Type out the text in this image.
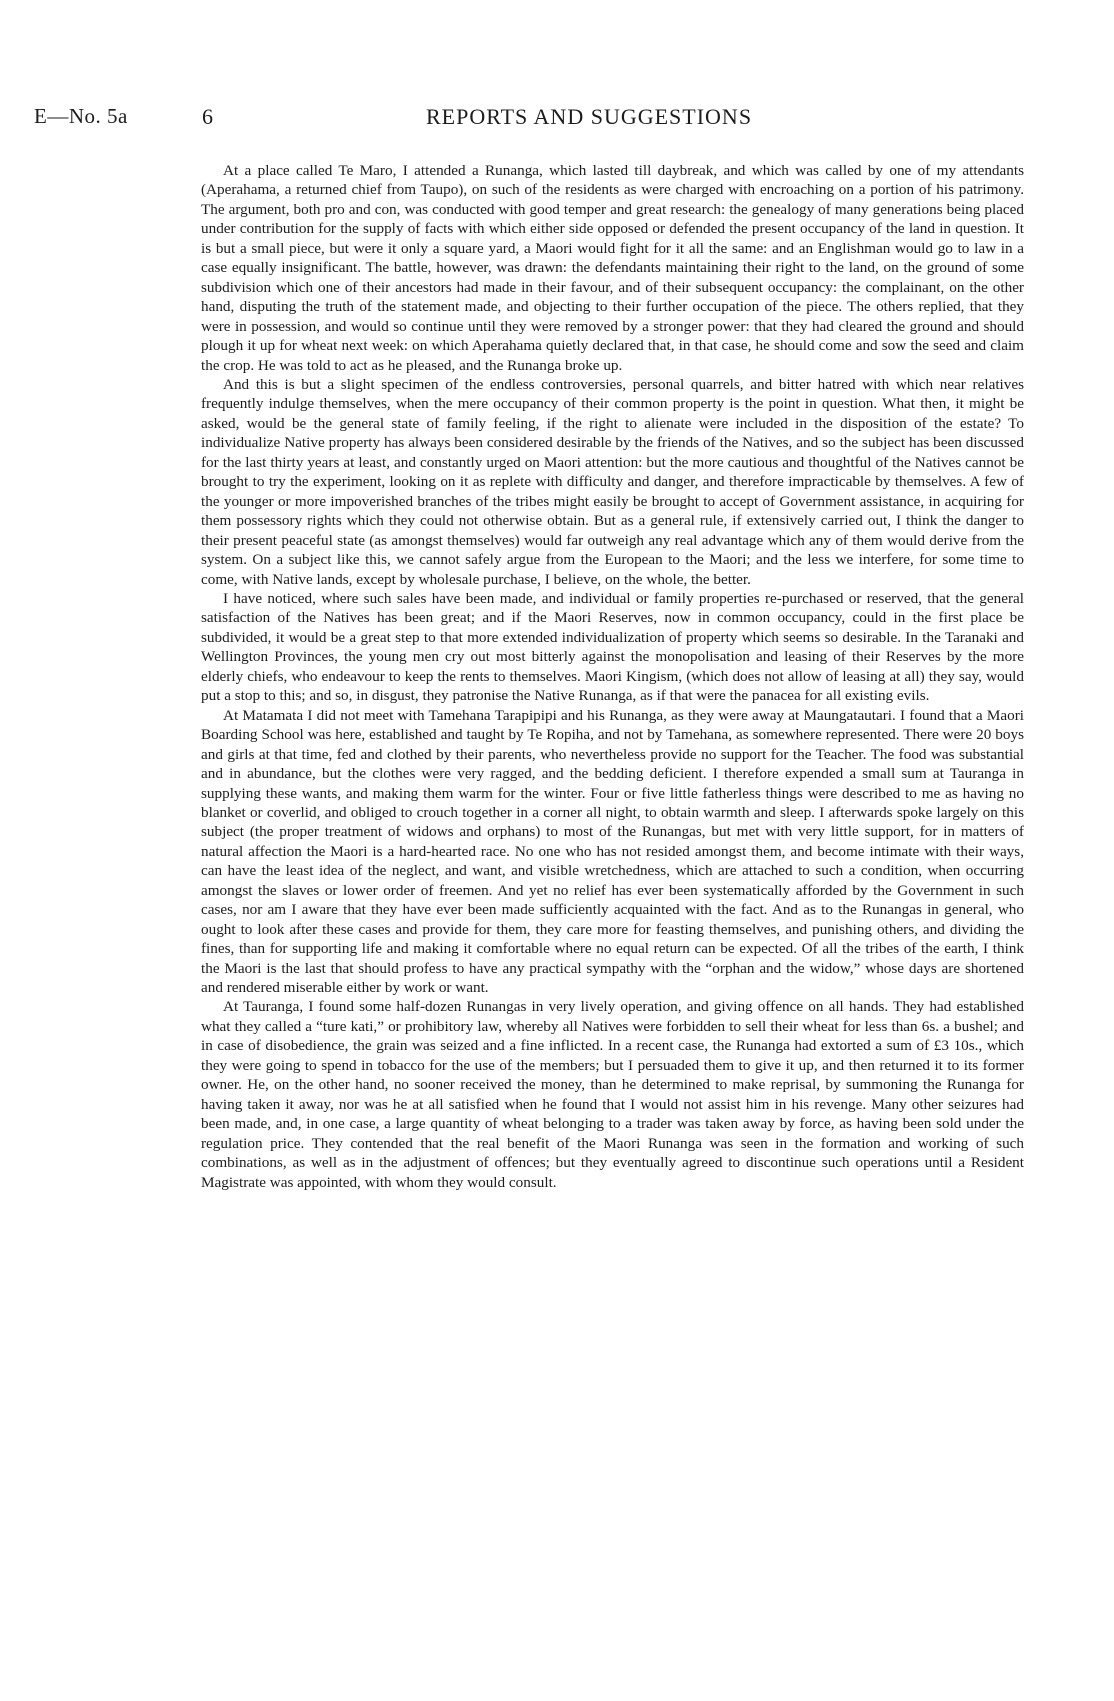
E—No. 5a	6	REPORTS AND SUGGESTIONS

At a place called Te Maro, I attended a Runanga, which lasted till daybreak, and which was called by one of my attendants (Aperahama, a returned chief from Taupo), on such of the residents as were charged with encroaching on a portion of his patrimony. The argument, both pro and con, was conducted with good temper and great research: the genealogy of many generations being placed under contribution for the supply of facts with which either side opposed or defended the present occupancy of the land in question. It is but a small piece, but were it only a square yard, a Maori would fight for it all the same: and an Englishman would go to law in a case equally insignificant. The battle, however, was drawn: the defendants maintaining their right to the land, on the ground of some subdivision which one of their ancestors had made in their favour, and of their subsequent occupancy: the complainant, on the other hand, disputing the truth of the statement made, and objecting to their further occupation of the piece. The others replied, that they were in possession, and would so continue until they were removed by a stronger power: that they had cleared the ground and should plough it up for wheat next week: on which Aperahama quietly declared that, in that case, he should come and sow the seed and claim the crop. He was told to act as he pleased, and the Runanga broke up.

And this is but a slight specimen of the endless controversies, personal quarrels, and bitter hatred with which near relatives frequently indulge themselves, when the mere occupancy of their common property is the point in question. What then, it might be asked, would be the general state of family feeling, if the right to alienate were included in the disposition of the estate? To individualize Native property has always been considered desirable by the friends of the Natives, and so the subject has been discussed for the last thirty years at least, and constantly urged on Maori attention: but the more cautious and thoughtful of the Natives cannot be brought to try the experiment, looking on it as replete with difficulty and danger, and therefore impracticable by themselves. A few of the younger or more impoverished branches of the tribes might easily be brought to accept of Government assistance, in acquiring for them possessory rights which they could not otherwise obtain. But as a general rule, if extensively carried out, I think the danger to their present peaceful state (as amongst themselves) would far outweigh any real advantage which any of them would derive from the system. On a subject like this, we cannot safely argue from the European to the Maori; and the less we interfere, for some time to come, with Native lands, except by wholesale purchase, I believe, on the whole, the better.

I have noticed, where such sales have been made, and individual or family properties re-purchased or reserved, that the general satisfaction of the Natives has been great; and if the Maori Reserves, now in common occupancy, could in the first place be subdivided, it would be a great step to that more extended individualization of property which seems so desirable. In the Taranaki and Wellington Provinces, the young men cry out most bitterly against the monopolisation and leasing of their Reserves by the more elderly chiefs, who endeavour to keep the rents to themselves. Maori Kingism, (which does not allow of leasing at all) they say, would put a stop to this; and so, in disgust, they patronise the Native Runanga, as if that were the panacea for all existing evils.

At Matamata I did not meet with Tamehana Tarapipipi and his Runanga, as they were away at Maungatautari. I found that a Maori Boarding School was here, established and taught by Te Ropiha, and not by Tamehana, as somewhere represented. There were 20 boys and girls at that time, fed and clothed by their parents, who nevertheless provide no support for the Teacher. The food was substantial and in abundance, but the clothes were very ragged, and the bedding deficient. I therefore expended a small sum at Tauranga in supplying these wants, and making them warm for the winter. Four or five little fatherless things were described to me as having no blanket or coverlid, and obliged to crouch together in a corner all night, to obtain warmth and sleep. I afterwards spoke largely on this subject (the proper treatment of widows and orphans) to most of the Runangas, but met with very little support, for in matters of natural affection the Maori is a hard-hearted race. No one who has not resided amongst them, and become intimate with their ways, can have the least idea of the neglect, and want, and visible wretchedness, which are attached to such a condition, when occurring amongst the slaves or lower order of freemen. And yet no relief has ever been systematically afforded by the Government in such cases, nor am I aware that they have ever been made sufficiently acquainted with the fact. And as to the Runangas in general, who ought to look after these cases and provide for them, they care more for feasting themselves, and punishing others, and dividing the fines, than for supporting life and making it comfortable where no equal return can be expected. Of all the tribes of the earth, I think the Maori is the last that should profess to have any practical sympathy with the “orphan and the widow,” whose days are shortened and rendered miserable either by work or want.

At Tauranga, I found some half-dozen Runangas in very lively operation, and giving offence on all hands. They had established what they called a “ture kati,” or prohibitory law, whereby all Natives were forbidden to sell their wheat for less than 6s. a bushel; and in case of disobedience, the grain was seized and a fine inflicted. In a recent case, the Runanga had extorted a sum of £3 10s., which they were going to spend in tobacco for the use of the members; but I persuaded them to give it up, and then returned it to its former owner. He, on the other hand, no sooner received the money, than he determined to make reprisal, by summoning the Runanga for having taken it away, nor was he at all satisfied when he found that I would not assist him in his revenge. Many other seizures had been made, and, in one case, a large quantity of wheat belonging to a trader was taken away by force, as having been sold under the regulation price. They contended that the real benefit of the Maori Runanga was seen in the formation and working of such combinations, as well as in the adjustment of offences; but they eventually agreed to discontinue such operations until a Resident Magistrate was appointed, with whom they would consult.
